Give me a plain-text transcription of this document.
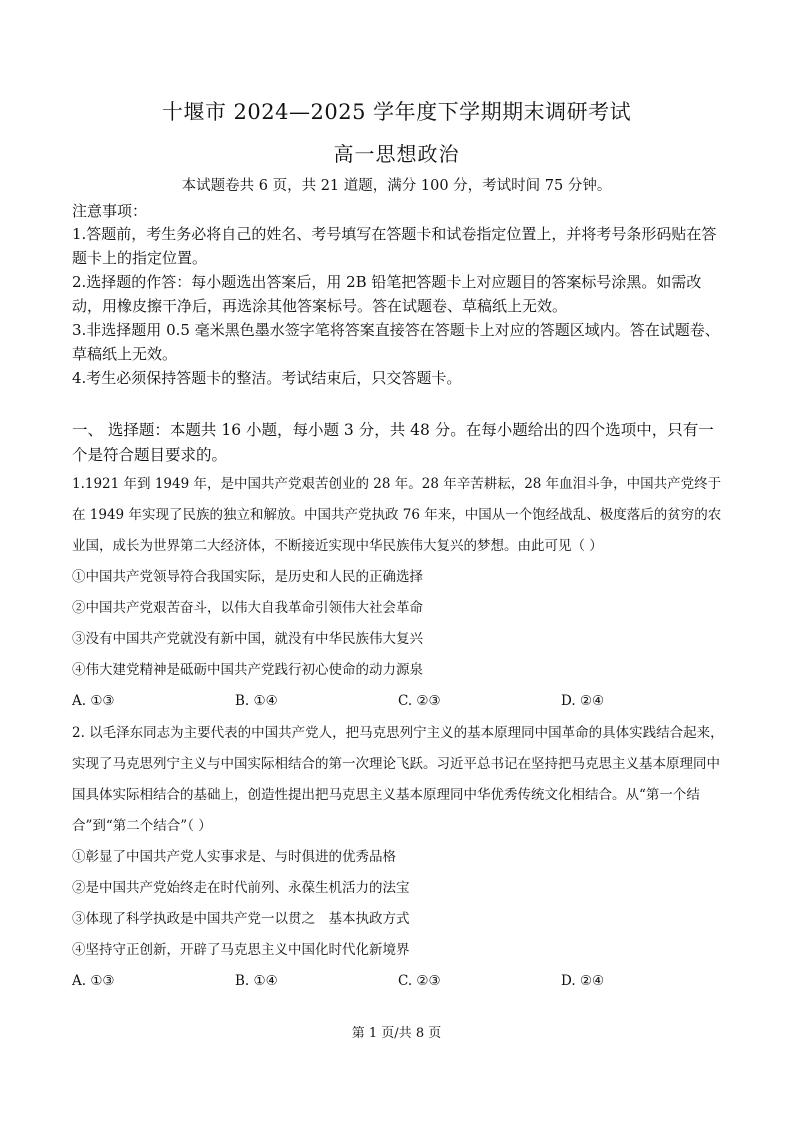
十堰市 2024—2025 学年度下学期期末调研考试
高一思想政治
本试题卷共 6 页，共 21 道题，满分 100 分，考试时间 75 分钟。
注意事项：

1.答题前，考生务必将自己的姓名、考号填写在答题卡和试卷指定位置上，并将考号条形码贴在答题卡上的指定位置。

2.选择题的作答：每小题选出答案后，用 2B 铅笔把答题卡上对应题目的答案标号涂黑。如需改动，用橡皮擦干净后，再选涂其他答案标号。答在试题卷、草稿纸上无效。

3.非选择题用 0.5 毫米黑色墨水签字笔将答案直接答在答题卡上对应的答题区域内。答在试题卷、草稿纸上无效。

4.考生必须保持答题卡的整洁。考试结束后，只交答题卡。

一、 选择题：本题共 16 小题，每小题 3 分，共 48 分。在每小题给出的四个选项中，只有一个是符合题目要求的。

1.1921 年到 1949 年，是中国共产党艰苦创业的 28 年。28 年辛苦耕耘，28 年血泪斗争，中国共产党终于在 1949 年实现了民族的独立和解放。中国共产党执政 76 年来，中国从一个饱经战乱、极度落后的贫穷的农业国，成长为世界第二大经济体，不断接近实现中华民族伟大复兴的梦想。由此可见（ ）

①中国共产党领导符合我国实际，是历史和人民的正确选择

②中国共产党艰苦奋斗，以伟大自我革命引领伟大社会革命

③没有中国共产党就没有新中国，就没有中华民族伟大复兴

④伟大建党精神是砥砺中国共产党践行初心使命的动力源泉

A. ①③	B. ①④	C. ②③	D. ②④

2. 以毛泽东同志为主要代表的中国共产党人，把马克思列宁主义的基本原理同中国革命的具体实践结合起来，实现了马克思列宁主义与中国实际相结合的第一次理论飞跃。习近平总书记在坚持把马克思主义基本原理同中国具体实际相结合的基础上，创造性提出把马克思主义基本原理同中华优秀传统文化相结合。从“第一个结合”到“第二个结合”（ ）

①彰显了中国共产党人实事求是、与时俱进的优秀品格

②是中国共产党始终走在时代前列、永葆生机活力的法宝

③体现了科学执政是中国共产党一以贯之　基本执政方式

④坚持守正创新，开辟了马克思主义中国化时代化新境界

A. ①③	B. ①④	C. ②③	D. ②④
第 1 页/共 8 页
